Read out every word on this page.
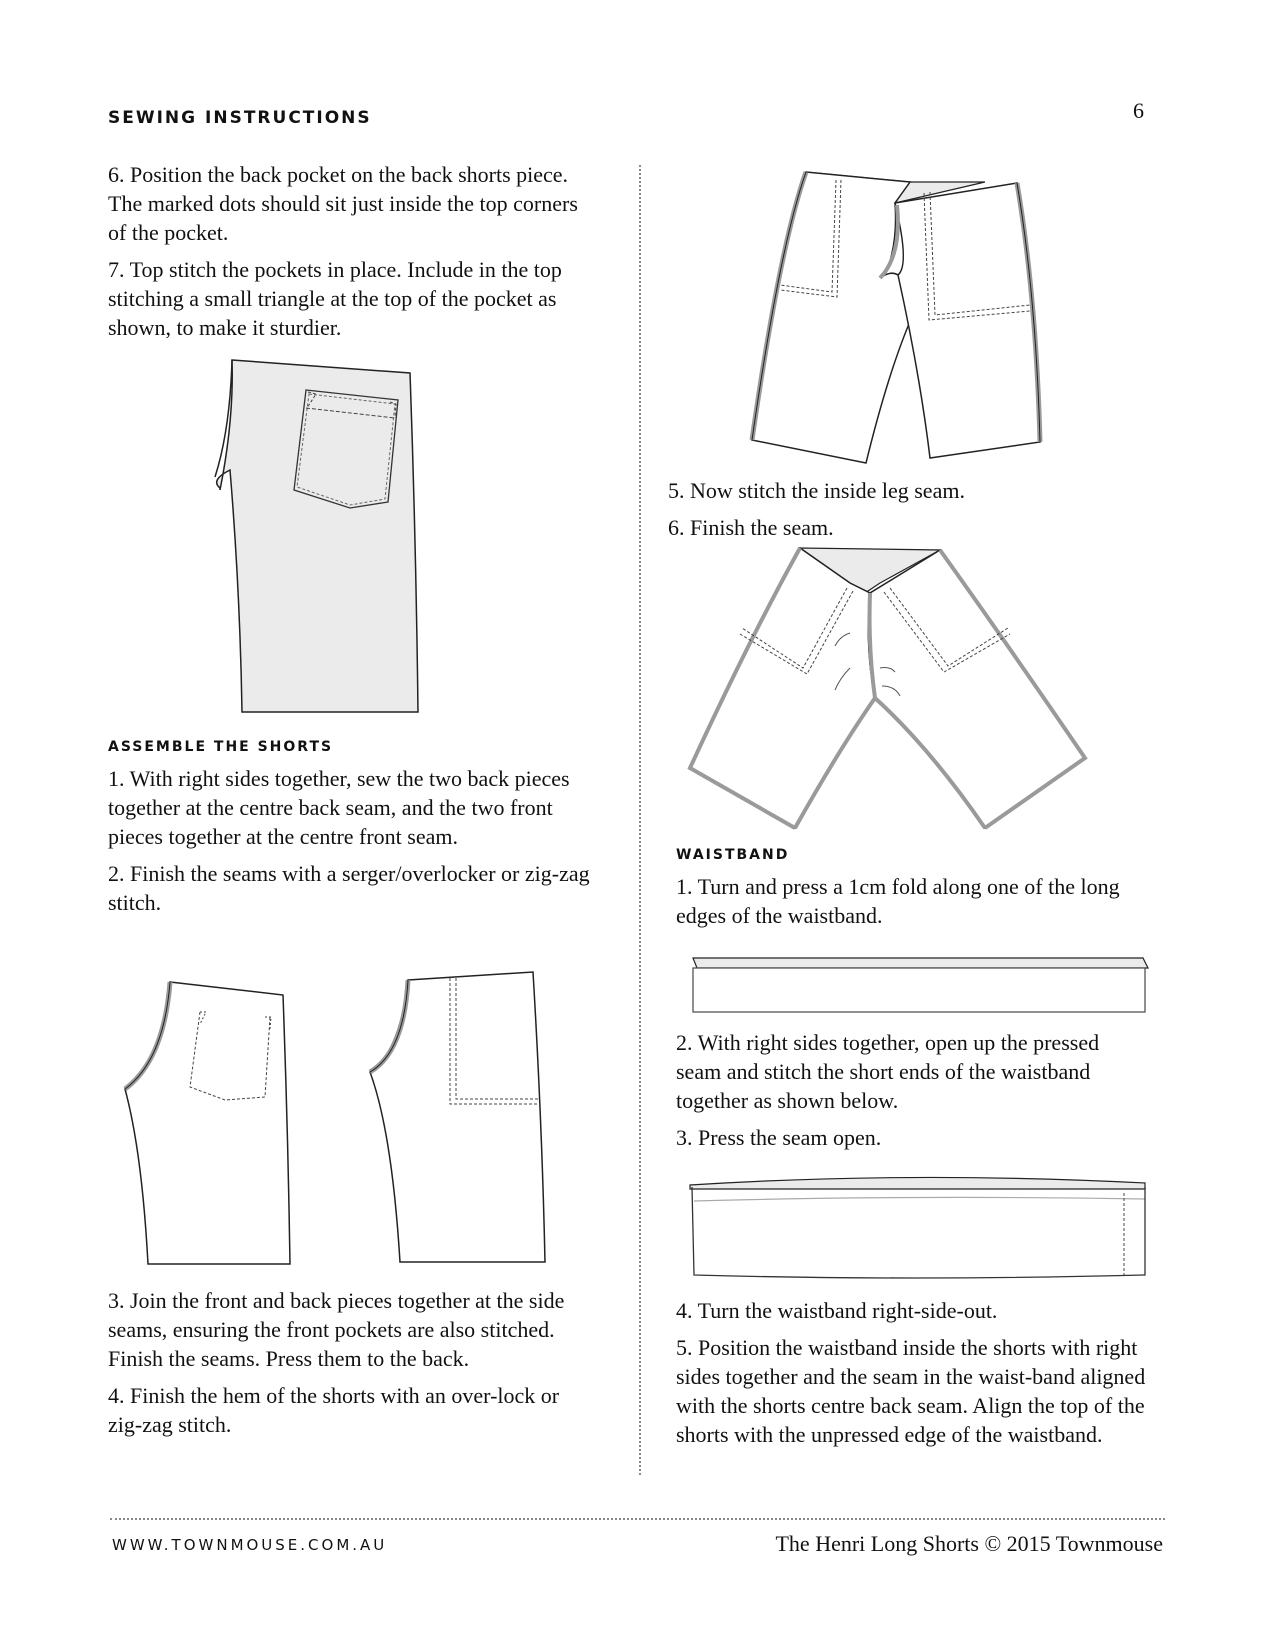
SEWING INSTRUCTIONS	6

6. Position the back pocket on the back shorts piece. The marked dots should sit just inside the top corners of the pocket.

7. Top stitch the pockets in place. Include in the top stitching a small triangle at the top of the pocket as shown, to make it sturdier.

ASSEMBLE THE SHORTS

1. With right sides together, sew the two back pieces together at the centre back seam, and the two front pieces together at the centre front seam.

2. Finish the seams with a serger/overlocker or zig-zag stitch.

3. Join the front and back pieces together at the side seams, ensuring the front pockets are also stitched. Finish the seams. Press them to the back.

4. Finish the hem of the shorts with an over-lock or zig-zag stitch.

5. Now stitch the inside leg seam.

6. Finish the seam.

WAISTBAND

1. Turn and press a 1cm fold along one of the long edges of the waistband.

2. With right sides together, open up the pressed seam and stitch the short ends of the waistband together as shown below.

3. Press the seam open.

4. Turn the waistband right-side-out.

5. Position the waistband inside the shorts with right sides together and the seam in the waist-band aligned with the shorts centre back seam. Align the top of the shorts with the unpressed edge of the waistband.

WWW.TOWNMOUSE.COM.AU	The Henri Long Shorts © 2015 Townmouse
